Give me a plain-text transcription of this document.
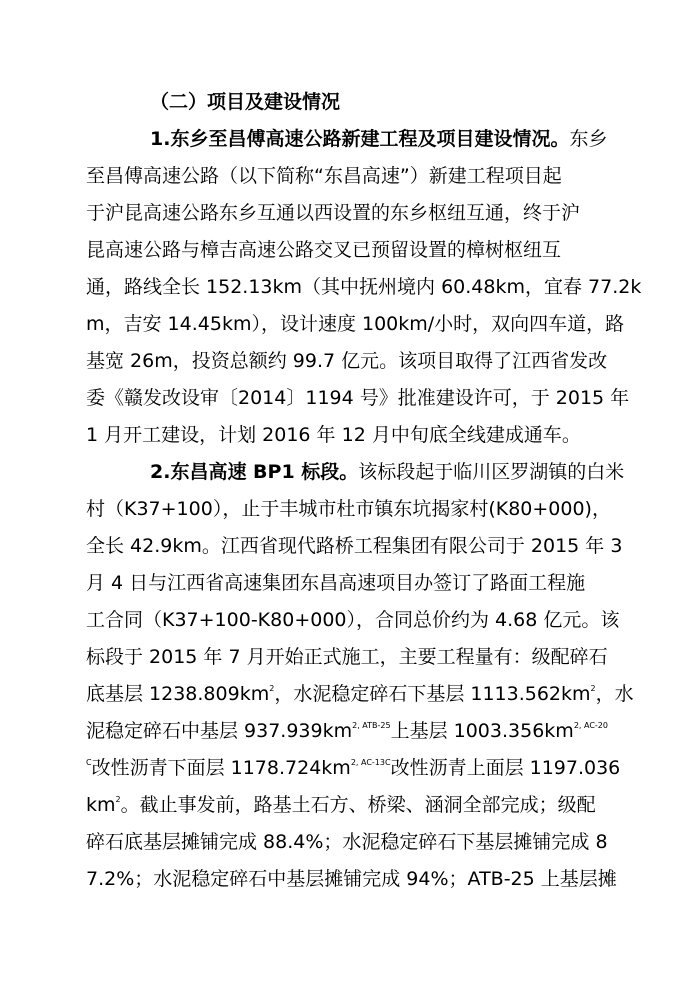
（二）项目及建设情况
1.东乡至昌傅高速公路新建工程及项目建设情况。东乡
至昌傅高速公路（以下简称“东昌高速”）新建工程项目起
于沪昆高速公路东乡互通以西设置的东乡枢纽互通，终于沪
昆高速公路与樟吉高速公路交叉已预留设置的樟树枢纽互
通，路线全长 152.13km（其中抚州境内 60.48km，宜春 77.2k
m，吉安 14.45km），设计速度 100km/小时，双向四车道，路
基宽 26m，投资总额约 99.7 亿元。该项目取得了江西省发改
委《赣发改设审〔2014〕1194 号》批准建设许可，于 2015 年
1 月开工建设，计划 2016 年 12 月中旬底全线建成通车。
2.东昌高速 BP1 标段。该标段起于临川区罗湖镇的白米
村（K37+100），止于丰城市杜市镇东坑揭家村(K80+000)，
全长 42.9km。江西省现代路桥工程集团有限公司于 2015 年 3
月 4 日与江西省高速集团东昌高速项目办签订了路面工程施
工合同（K37+100-K80+000），合同总价约为 4.68 亿元。该
标段于 2015 年 7 月开始正式施工，主要工程量有：级配碎石
底基层 $1238.809km^2$，水泥稳定碎石下基层 $1113.562km^2$，水
泥稳定碎石中基层 $937.939km^{2, ATB-25}$上基层 $1003.356km^{2, AC-20}$
$^C$改性沥青下面层 $1178.724km^{2, AC-13C}$改性沥青上面层 1197.036
$km^2$。截止事发前，路基土石方、桥梁、涵洞全部完成；级配
碎石底基层摊铺完成 88.4%；水泥稳定碎石下基层摊铺完成 8
7.2%；水泥稳定碎石中基层摊铺完成 94%；ATB-25 上基层摊
